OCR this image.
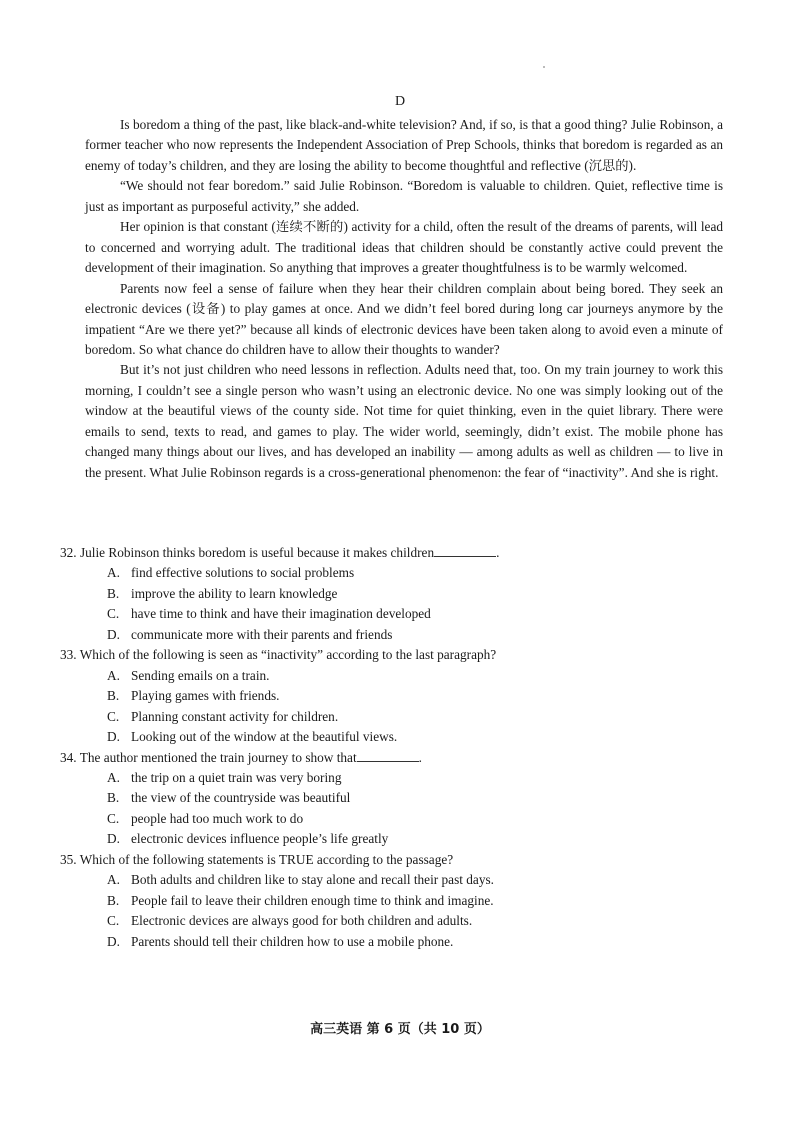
D

Is boredom a thing of the past, like black-and-white television? And, if so, is that a good thing? Julie Robinson, a former teacher who now represents the Independent Association of Prep Schools, thinks that boredom is regarded as an enemy of today’s children, and they are losing the ability to become thoughtful and reflective (沉思的).

“We should not fear boredom.” said Julie Robinson. “Boredom is valuable to children. Quiet, reflective time is just as important as purposeful activity,” she added.

Her opinion is that constant (连续不断的) activity for a child, often the result of the dreams of parents, will lead to concerned and worrying adult. The traditional ideas that children should be constantly active could prevent the development of their imagination. So anything that improves a greater thoughtfulness is to be warmly welcomed.

Parents now feel a sense of failure when they hear their children complain about being bored. They seek an electronic devices (设备) to play games at once. And we didn’t feel bored during long car journeys anymore by the impatient “Are we there yet?” because all kinds of electronic devices have been taken along to avoid even a minute of boredom. So what chance do children have to allow their thoughts to wander?

But it’s not just children who need lessons in reflection. Adults need that, too. On my train journey to work this morning, I couldn’t see a single person who wasn’t using an electronic device. No one was simply looking out of the window at the beautiful views of the county side. Not time for quiet thinking, even in the quiet library. There were emails to send, texts to read, and games to play. The wider world, seemingly, didn’t exist. The mobile phone has changed many things about our lives, and has developed an inability — among adults as well as children — to live in the present. What Julie Robinson regards is a cross-generational phenomenon: the fear of “inactivity”. And she is right.

32. Julie Robinson thinks boredom is useful because it makes children	.
A. find effective solutions to social problems
B. improve the ability to learn knowledge
C. have time to think and have their imagination developed
D. communicate more with their parents and friends
33. Which of the following is seen as “inactivity” according to the last paragraph?
A. Sending emails on a train.
B. Playing games with friends.
C. Planning constant activity for children.
D. Looking out of the window at the beautiful views.
34. The author mentioned the train journey to show that	.
A. the trip on a quiet train was very boring
B. the view of the countryside was beautiful
C. people had too much work to do
D. electronic devices influence people’s life greatly
35. Which of the following statements is TRUE according to the passage?
A. Both adults and children like to stay alone and recall their past days.
B. People fail to leave their children enough time to think and imagine.
C. Electronic devices are always good for both children and adults.
D. Parents should tell their children how to use a mobile phone.
高三英语 第 6 页（共 10 页）
